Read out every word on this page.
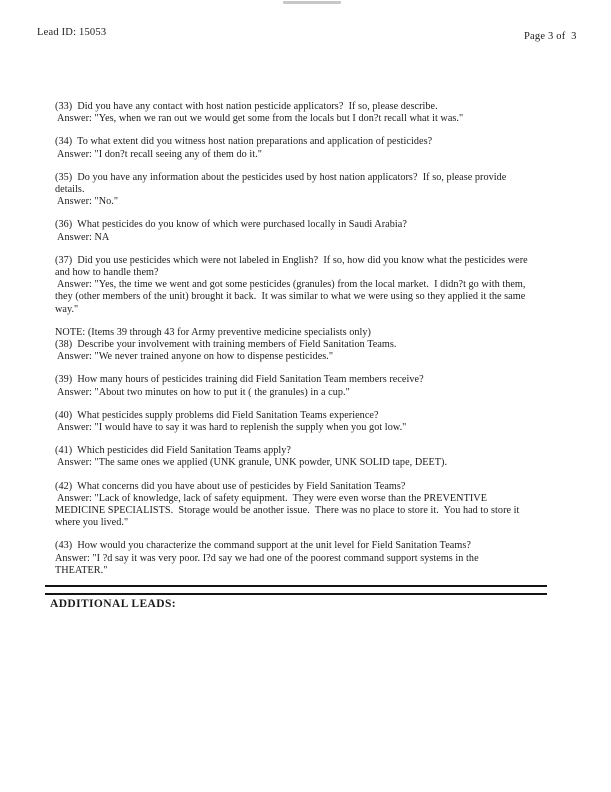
Lead ID: 15053	Page 3 of  3
(33)  Did you have any contact with host nation pesticide applicators?  If so, please describe.
Answer: "Yes, when we ran out we would get some from the locals but I don?t recall what it was."
(34)  To what extent did you witness host nation preparations and application of pesticides?
Answer: "I don?t recall seeing any of them do it."
(35)  Do you have any information about the pesticides used by host nation applicators?  If so, please provide
details.
Answer: "No."
(36)  What pesticides do you know of which were purchased locally in Saudi Arabia?
Answer: NA
(37)  Did you use pesticides which were not labeled in English?  If so, how did you know what the pesticides were
and how to handle them?
Answer: "Yes, the time we went and got some pesticides (granules) from the local market.  I didn?t go with them,
they (other members of the unit) brought it back.  It was similar to what we were using so they applied it the same
way."
NOTE: (Items 39 through 43 for Army preventive medicine specialists only)
(38)  Describe your involvement with training members of Field Sanitation Teams.
Answer: "We never trained anyone on how to dispense pesticides."
(39)  How many hours of pesticides training did Field Sanitation Team members receive?
Answer: "About two minutes on how to put it ( the granules) in a cup."
(40)  What pesticides supply problems did Field Sanitation Teams experience?
Answer: "I would have to say it was hard to replenish the supply when you got low."
(41)  Which pesticides did Field Sanitation Teams apply?
Answer: "The same ones we applied (UNK granule, UNK powder, UNK SOLID tape, DEET).
(42)  What concerns did you have about use of pesticides by Field Sanitation Teams?
Answer: "Lack of knowledge, lack of safety equipment.  They were even worse than the PREVENTIVE
MEDICINE SPECIALISTS.  Storage would be another issue.  There was no place to store it.  You had to store it
where you lived."
(43)  How would you characterize the command support at the unit level for Field Sanitation Teams?
Answer: "I ?d say it was very poor. I?d say we had one of the poorest command support systems in the
THEATER."
ADDITIONAL LEADS:
